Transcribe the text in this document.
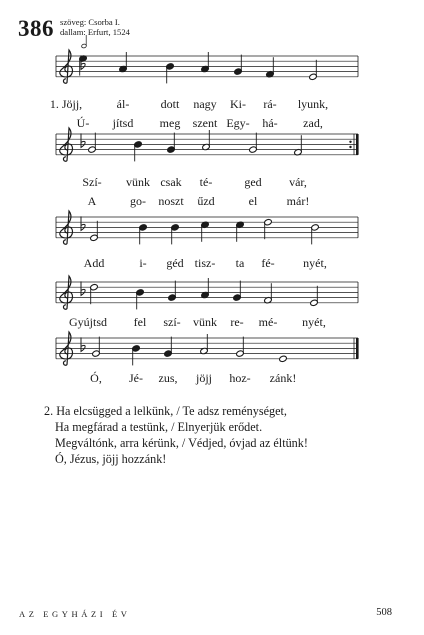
386 szöveg: Csorba I.
dallam: Erfurt, 1524
1. Jöjj,	ál-	dott nagy Ki- rá- lyunk,
Ú- jítsd meg szent Egy- há- zad,
Szí- vünk csak té-	ged vár,
A	go- noszt űzd	el már!
Add	i- géd tisz- ta fé- nyét,
Gyújtsd fel szí- vünk re- mé- nyét,
Ó, Jé- zus, jöjj hoz- zánk!
2. Ha elcsügged a lelkünk, / Te adsz reménységet,
Ha megfárad a testünk, / Elnyerjük erődet.
Megváltónk, arra kérünk, / Védjed, óvjad az éltünk!
Ó, Jézus, jöjj hozzánk!
AZ EGYHÁZI ÉV	508
